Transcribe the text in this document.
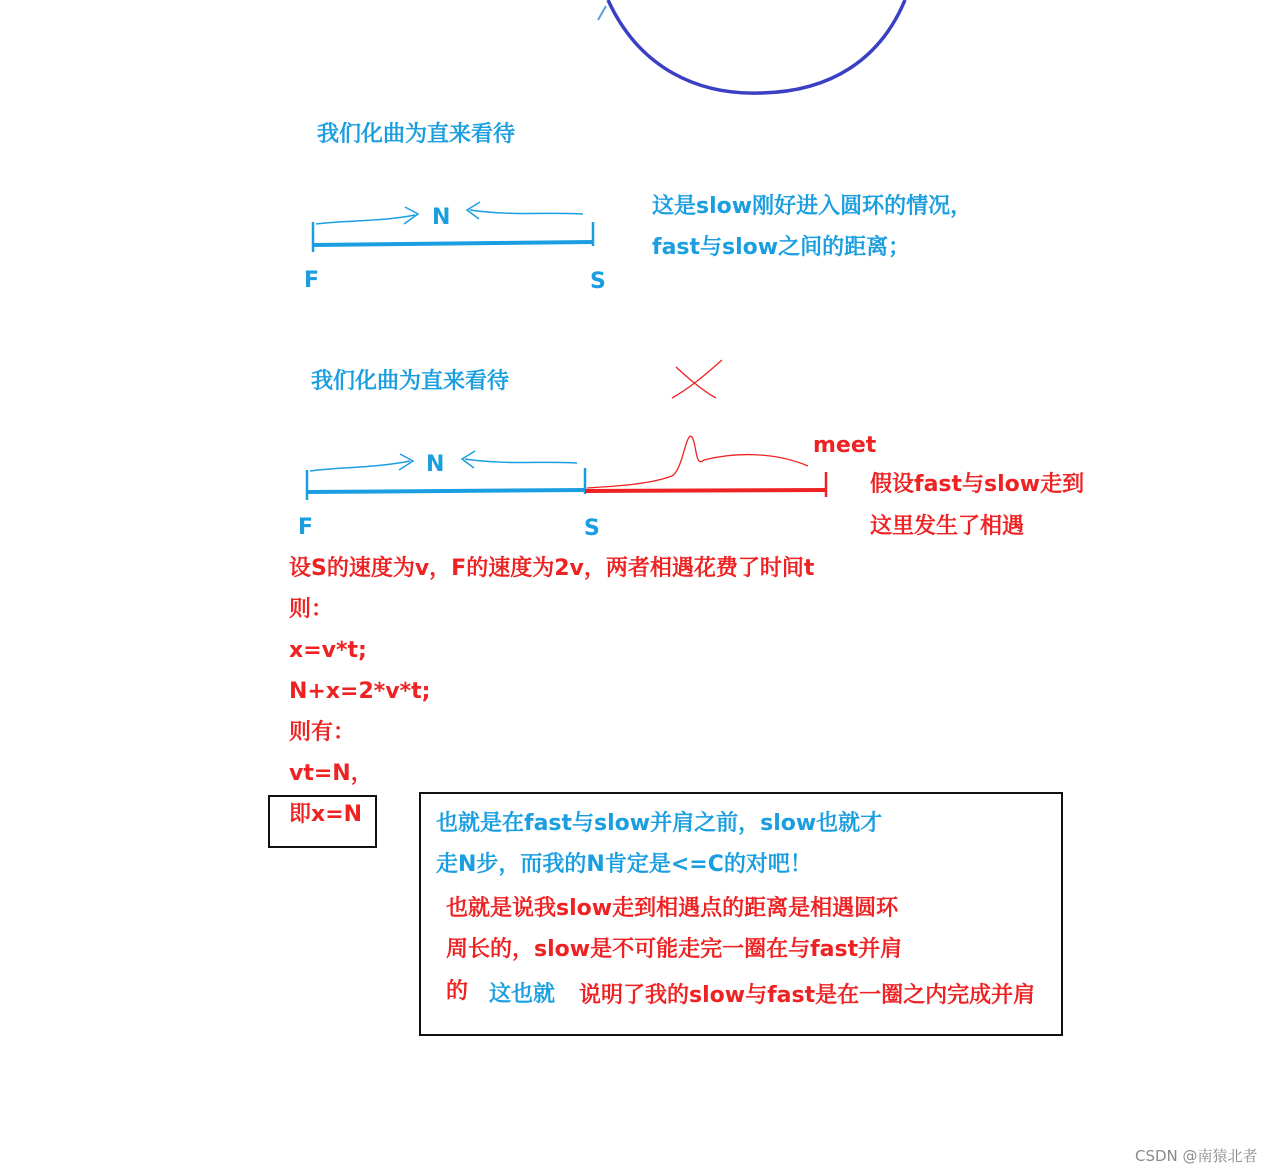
我们化曲为直来看待
N
F	S
这是slow刚好进入圆环的情况，
fast与slow之间的距离；
我们化曲为直来看待
N
F	S
meet
假设fast与slow走到
这里发生了相遇
设S的速度为v，F的速度为2v，两者相遇花费了时间t
则：
x=v*t;
N+x=2*v*t;
则有：
vt=N，
即x=N	也就是在fast与slow并肩之前，slow也就才
走N步，而我的N肯定是<=C的对吧！
也就是说我slow走到相遇点的距离是相遇圆环
周长的，slow是不可能走完一圈在与fast并肩
的 这也就 说明了我的slow与fast是在一圈之内完成并肩
CSDN @南猿北者
